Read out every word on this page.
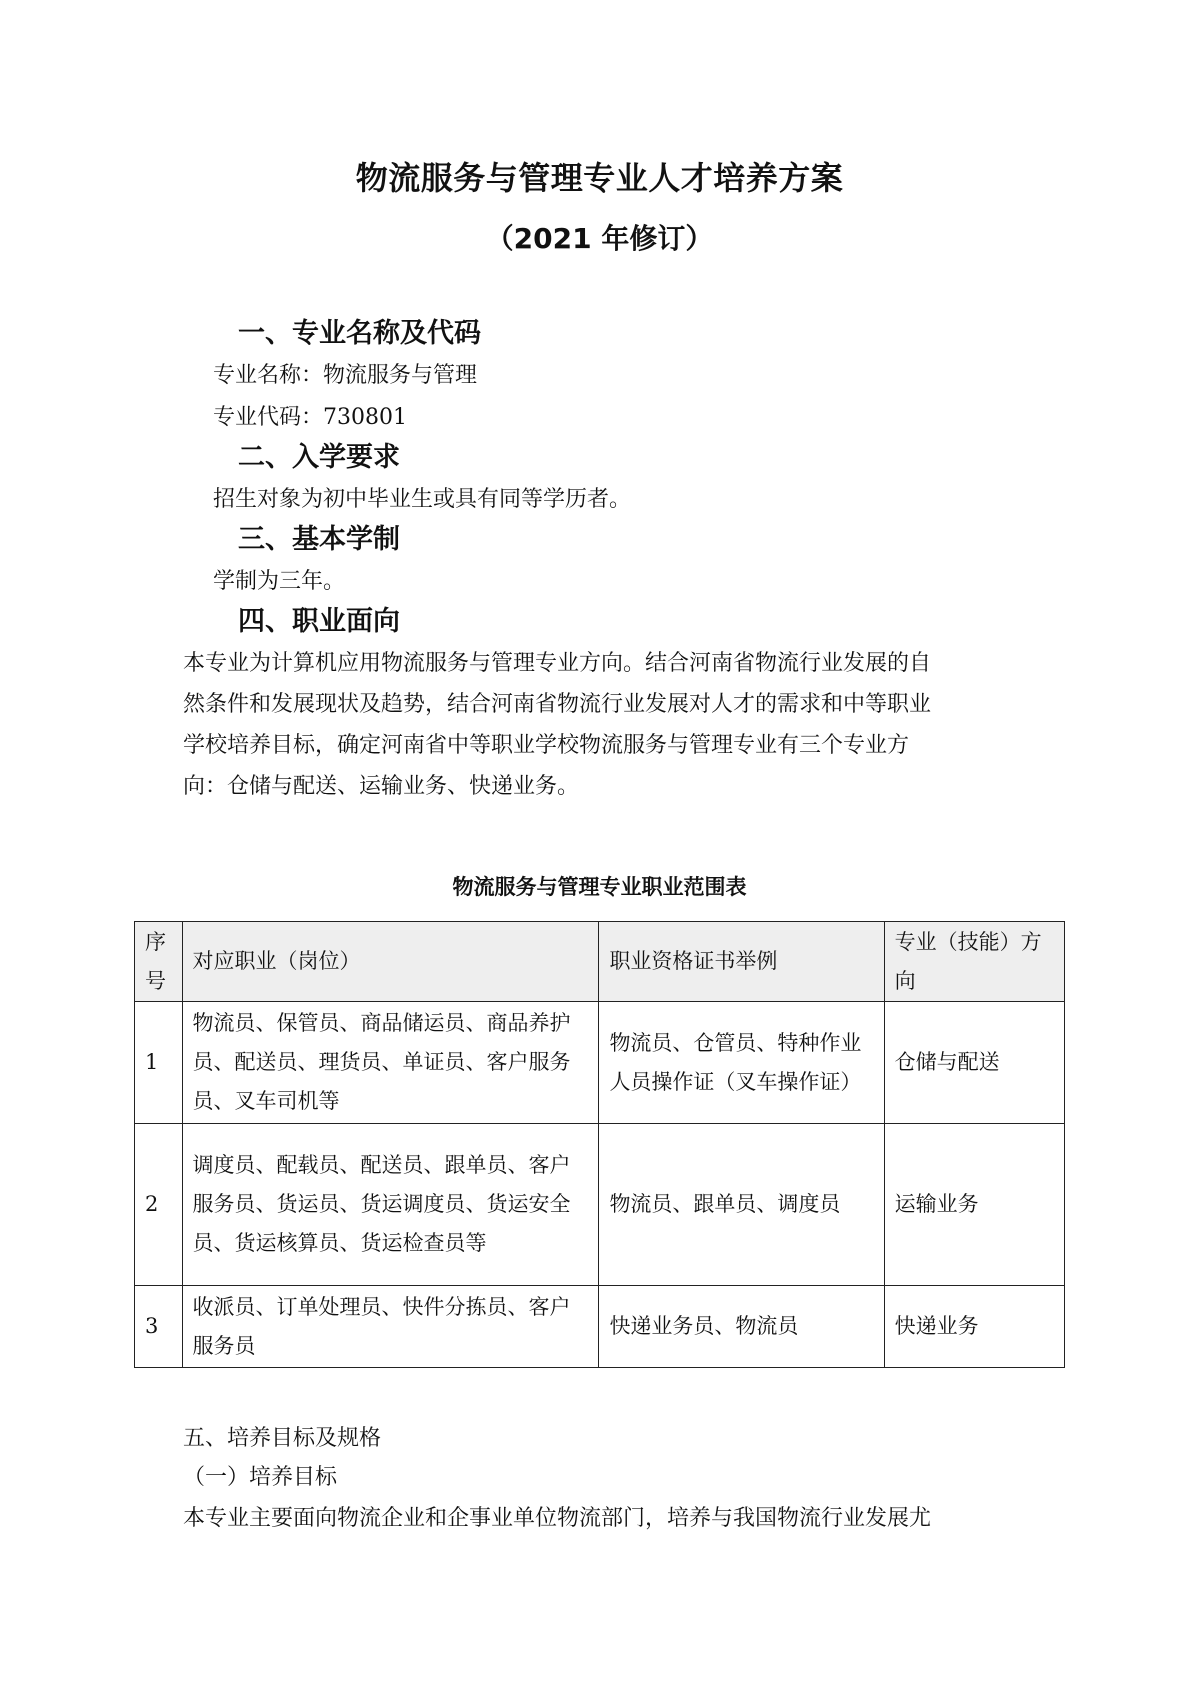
物流服务与管理专业人才培养方案
（2021 年修订）
一、专业名称及代码
专业名称：物流服务与管理
专业代码：730801
二、入学要求
招生对象为初中毕业生或具有同等学历者。
三、基本学制
学制为三年。
四、职业面向
本专业为计算机应用物流服务与管理专业方向。结合河南省物流行业发展的自
然条件和发展现状及趋势，结合河南省物流行业发展对人才的需求和中等职业
学校培养目标，确定河南省中等职业学校物流服务与管理专业有三个专业方
向：仓储与配送、运输业务、快递业务。
物流服务与管理专业职业范围表
序号	对应职业（岗位）	职业资格证书举例	专业（技能）方向
1	物流员、保管员、商品储运员、商品养护员、配送员、理货员、单证员、客户服务员、叉车司机等	物流员、仓管员、特种作业人员操作证（叉车操作证）	仓储与配送
2	调度员、配载员、配送员、跟单员、客户服务员、货运员、货运调度员、货运安全员、货运核算员、货运检查员等	物流员、跟单员、调度员	运输业务
3	收派员、订单处理员、快件分拣员、客户服务员	快递业务员、物流员	快递业务
五、培养目标及规格
（一）培养目标
本专业主要面向物流企业和企事业单位物流部门，培养与我国物流行业发展尤
